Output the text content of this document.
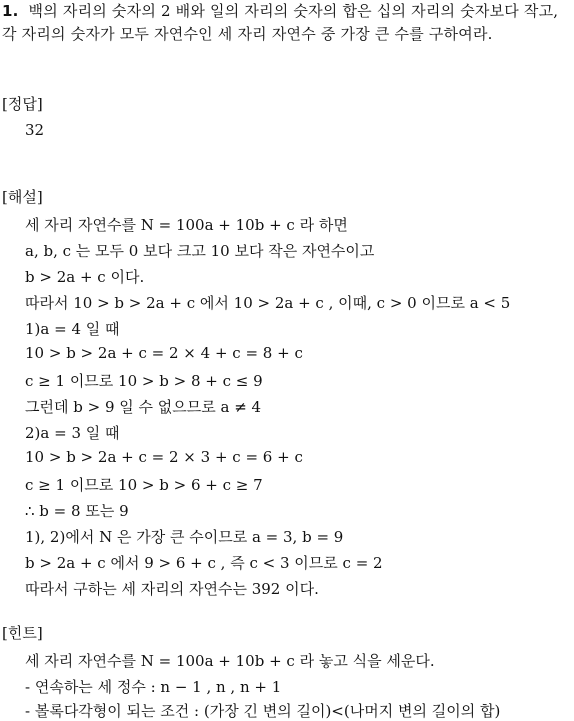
1. 백의 자리의 숫자의 2 배와 일의 자리의 숫자의 합은 십의 자리의 숫자보다 작고, 각 자리의 숫자가 모두 자연수인 세 자리 자연수 중 가장 큰 수를 구하여라.
[정답]
32
[해설]
세 자리 자연수를 N = 100a + 10b + c 라 하면
a, b, c 는 모두 0 보다 크고 10 보다 작은 자연수이고
b > 2a + c 이다.
따라서 10 > b > 2a + c 에서 10 > 2a + c , 이때, c > 0 이므로 a < 5
1)a = 4 일 때
10 > b > 2a + c = 2 × 4 + c = 8 + c
c ≥ 1 이므로 10 > b > 8 + c ≤ 9
그런데 b > 9 일 수 없으므로 a ≠ 4
2)a = 3 일 때
10 > b > 2a + c = 2 × 3 + c = 6 + c
c ≥ 1 이므로 10 > b > 6 + c ≥ 7
∴ b = 8 또는 9
1), 2)에서 N 은 가장 큰 수이므로 a = 3, b = 9
b > 2a + c 에서 9 > 6 + c , 즉 c < 3 이므로 c = 2
따라서 구하는 세 자리의 자연수는 392 이다.
[힌트]
세 자리 자연수를 N = 100a + 10b + c 라 놓고 식을 세운다.
- 연속하는 세 정수 : n − 1 , n , n + 1
- 볼록다각형이 되는 조건 : (가장 긴 변의 길이)<(나머지 변의 길이의 합)
